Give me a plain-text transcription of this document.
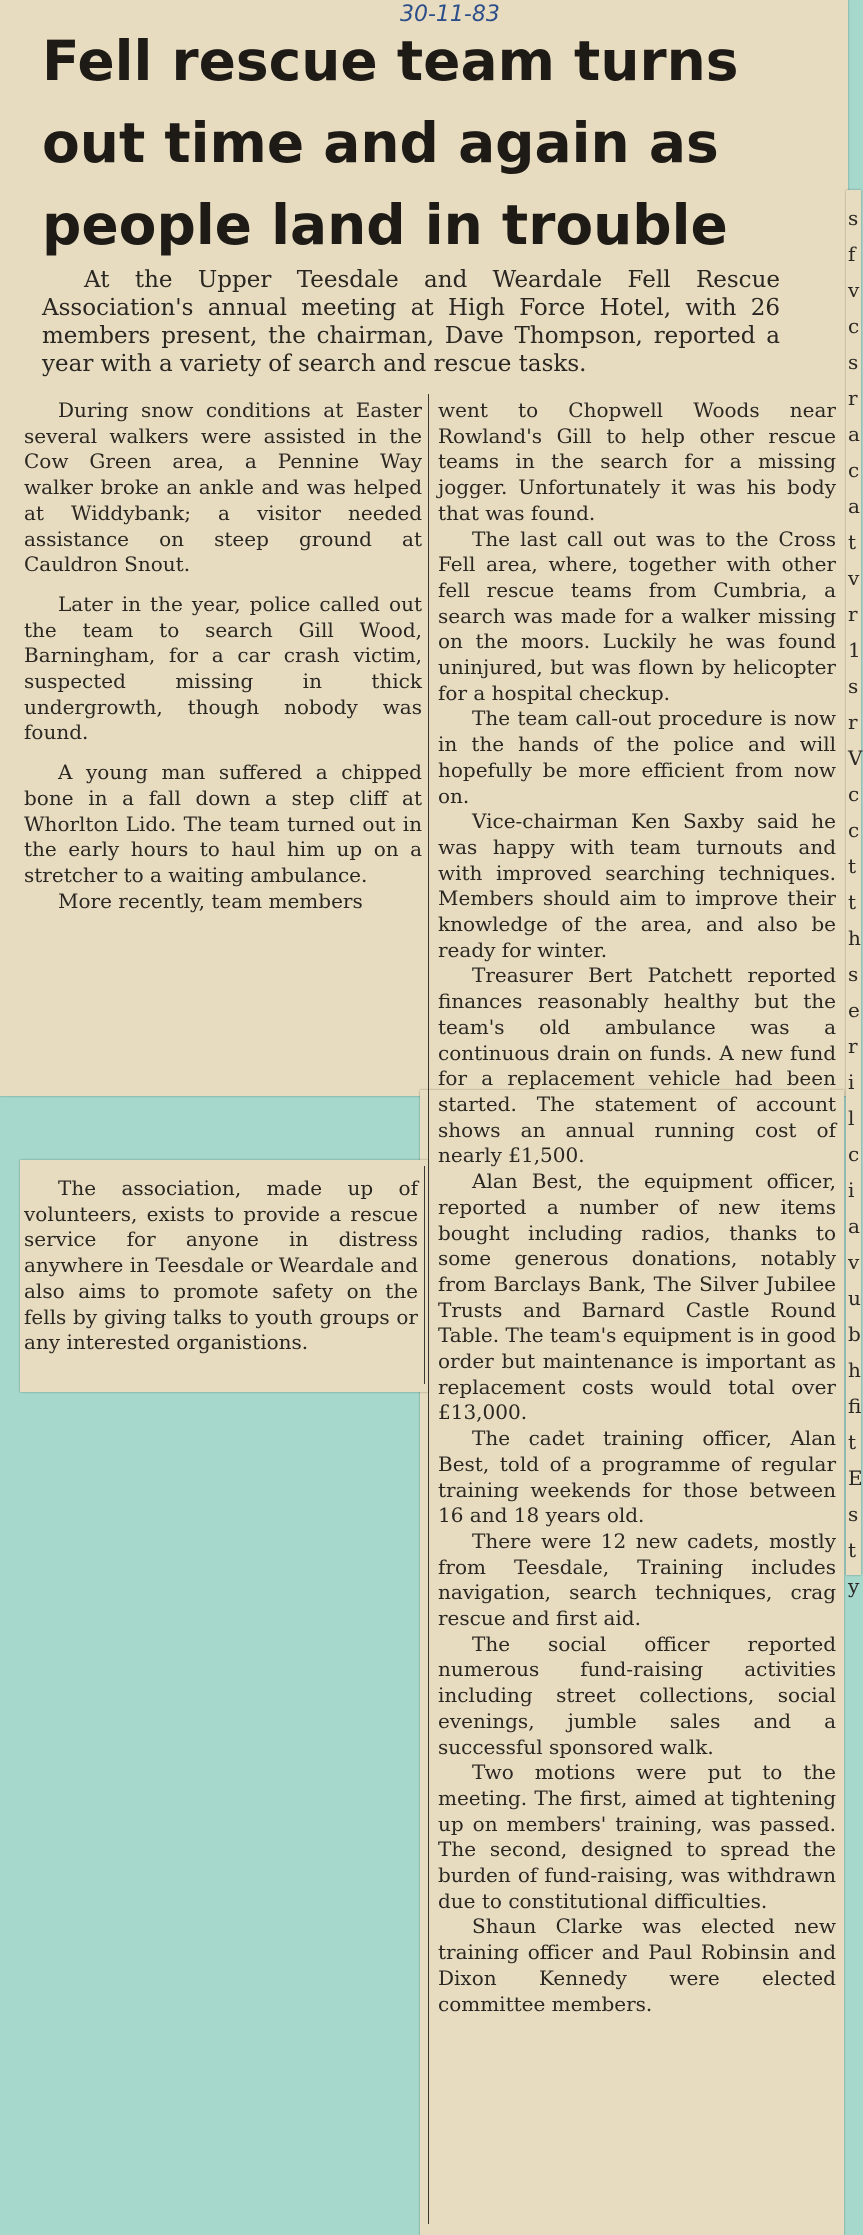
30-11-83
Fell rescue team turns out time and again as people land in trouble

At the Upper Teesdale and Weardale Fell Rescue Association's annual meeting at High Force Hotel, with 26 members present, the chairman, Dave Thompson, reported a year with a variety of search and rescue tasks.

During snow conditions at Easter several walkers were assisted in the Cow Green area, a Pennine Way walker broke an ankle and was helped at Widdybank; a visitor needed assistance on steep ground at Cauldron Snout.

Later in the year, police called out the team to search Gill Wood, Barningham, for a car crash victim, suspected missing in thick undergrowth, though nobody was found.

A young man suffered a chipped bone in a fall down a step cliff at Whorlton Lido. The team turned out in the early hours to haul him up on a stretcher to a waiting ambulance.

More recently, team members

The association, made up of volunteers, exists to provide a rescue service for anyone in distress anywhere in Teesdale or Weardale and also aims to promote safety on the fells by giving talks to youth groups or any interested organistions.

went to Chopwell Woods near Rowland's Gill to help other rescue teams in the search for a missing jogger. Unfortunately it was his body that was found.

The last call out was to the Cross Fell area, where, together with other fell rescue teams from Cumbria, a search was made for a walker missing on the moors. Luckily he was found uninjured, but was flown by helicopter for a hospital checkup.

The team call-out procedure is now in the hands of the police and will hopefully be more efficient from now on.

Vice-chairman Ken Saxby said he was happy with team turnouts and with improved searching techniques. Members should aim to improve their knowledge of the area, and also be ready for winter.

Treasurer Bert Patchett reported finances reasonably healthy but the team's old ambulance was a continuous drain on funds. A new fund for a replacement vehicle had been started. The statement of account shows an annual running cost of nearly £1,500.

Alan Best, the equipment officer, reported a number of new items bought including radios, thanks to some generous donations, notably from Barclays Bank, The Silver Jubilee Trusts and Barnard Castle Round Table. The team's equipment is in good order but maintenance is important as replacement costs would total over £13,000.

The cadet training officer, Alan Best, told of a programme of regular training weekends for those between 16 and 18 years old.

There were 12 new cadets, mostly from Teesdale, Training includes navigation, search techniques, crag rescue and first aid.

The social officer reported numerous fund-raising activities including street collections, social evenings, jumble sales and a successful sponsored walk.

Two motions were put to the meeting. The first, aimed at tightening up on members' training, was passed. The second, designed to spread the burden of fund-raising, was withdrawn due to constitutional difficulties.

Shaun Clarke was elected new training officer and Paul Robinsin and Dixon Kennedy were elected committee members.

s f v c s r a c a t v r 1 s r V c c t t h s e r i l c i a v u b h fi t E s t y
